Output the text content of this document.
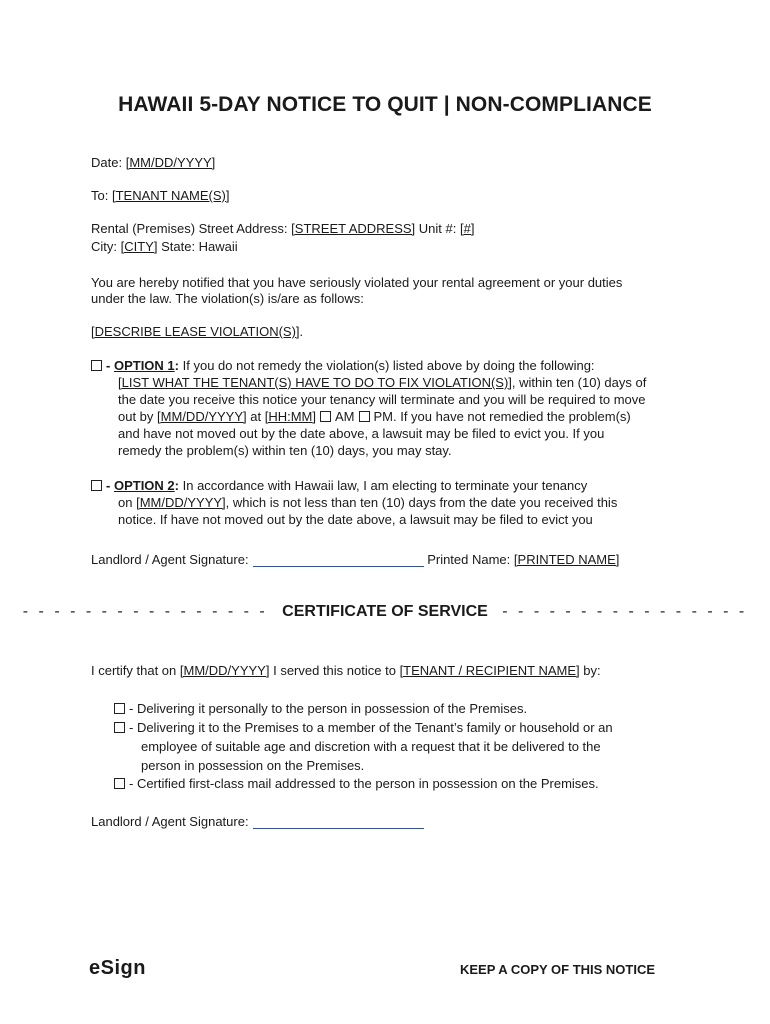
HAWAII 5-DAY NOTICE TO QUIT | NON-COMPLIANCE
Date: [MM/DD/YYYY]
To: [TENANT NAME(S)]
Rental (Premises) Street Address: [STREET ADDRESS] Unit #: [#]
City: [CITY] State: Hawaii
You are hereby notified that you have seriously violated your rental agreement or your duties
under the law. The violation(s) is/are as follows:
[DESCRIBE LEASE VIOLATION(S)].
- OPTION 1: If you do not remedy the violation(s) listed above by doing the following:
[LIST WHAT THE TENANT(S) HAVE TO DO TO FIX VIOLATION(S)], within ten (10) days of
the date you receive this notice your tenancy will terminate and you will be required to move
out by [MM/DD/YYYY] at [HH:MM] AM PM. If you have not remedied the problem(s)
and have not moved out by the date above, a lawsuit may be filed to evict you. If you
remedy the problem(s) within ten (10) days, you may stay.
- OPTION 2: In accordance with Hawaii law, I am electing to terminate your tenancy
on [MM/DD/YYYY], which is not less than ten (10) days from the date you received this
notice. If have not moved out by the date above, a lawsuit may be filed to evict you
Landlord / Agent Signature:	Printed Name: [PRINTED NAME]
- - - - - - - - - - - - - - - - CERTIFICATE OF SERVICE - - - - - - - - - - - - - - - -
I certify that on [MM/DD/YYYY] I served this notice to [TENANT / RECIPIENT NAME] by:
- Delivering it personally to the person in possession of the Premises.
- Delivering it to the Premises to a member of the Tenant’s family or household or an
employee of suitable age and discretion with a request that it be delivered to the
person in possession on the Premises.
- Certified first-class mail addressed to the person in possession on the Premises.
Landlord / Agent Signature:
eSign	KEEP A COPY OF THIS NOTICE
